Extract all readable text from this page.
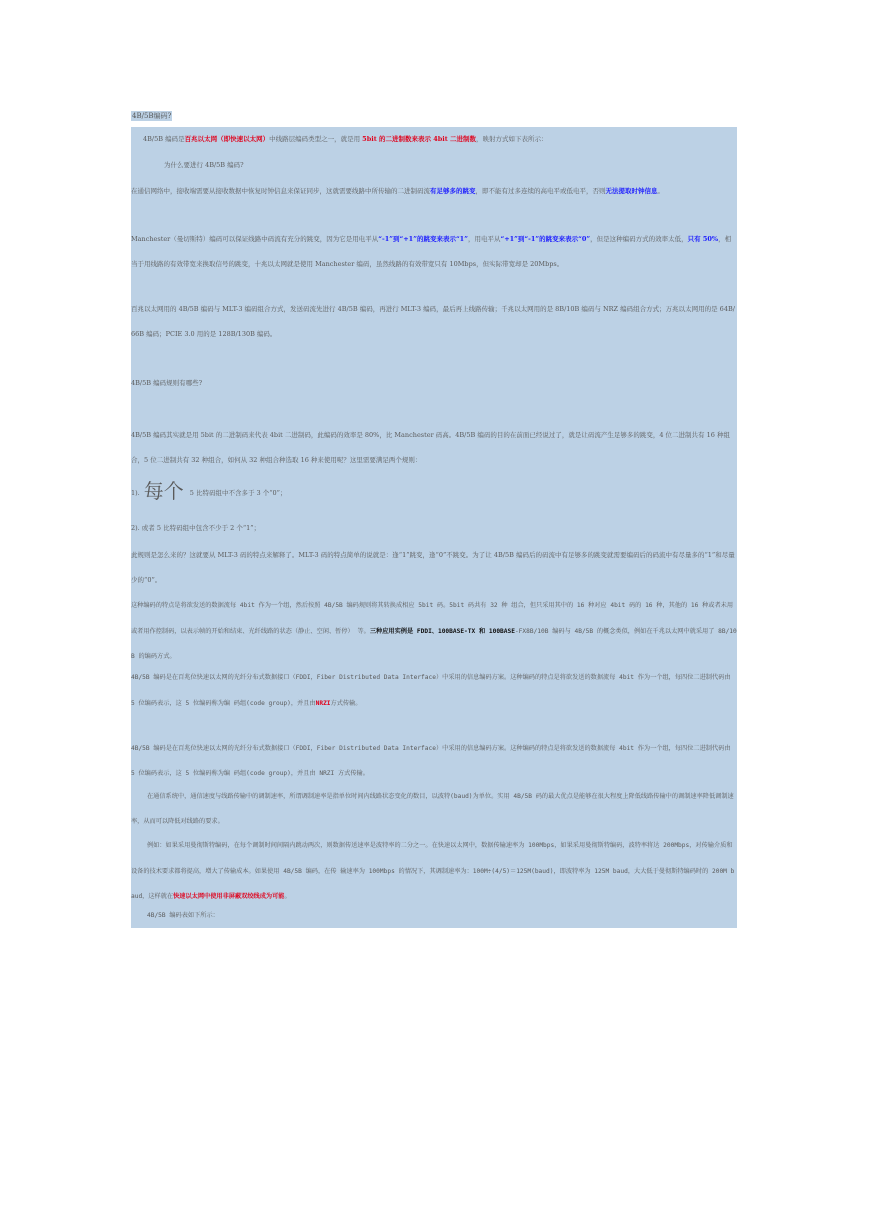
4B/5B编码?
4B/5B 编码是百兆以太网（即快速以太网）中线路层编码类型之一，就是用 5bit 的二进制数来表示 4bit 二进制数，映射方式如下表所示：
为什么要进行 4B/5B 编码?
在通信网络中，接收端需要从接收数据中恢复时钟信息来保证同步，这就需要线路中所传输的二进制码流有足够多的跳变，即不能有过多连续的高电平或低电平，否则无法提取时钟信息。
Manchester（曼切斯特）编码可以保证线路中码流有充分的跳变，因为它是用电平从“-1”到“+1”的跳变来表示“1”，用电平从“+1”到“-1”的跳变来表示“0”，但是这种编码方式的效率太低，只有 50%，相当于用线路的有效带宽来换取信号的跳变，十兆以太网就是使用 Manchester 编码，虽然线路的有效带宽只有 10Mbps，但实际带宽却是 20Mbps。
百兆以太网用的 4B/5B 编码与 MLT-3 编码组合方式，发送码流先进行 4B/5B 编码，再进行 MLT-3 编码，最后再上线路传输；千兆以太网用的是 8B/10B 编码与 NRZ 编码组合方式；万兆以太网用的是 64B/66B 编码；PCIE 3.0 用的是 128B/130B 编码。
4B/5B 编码规则有哪些?
4B/5B 编码其实就是用 5bit 的二进制码来代表 4bit 二进制码，此编码的效率是 80%，比 Manchester 码高。4B/5B 编码的目的在前面已经说过了，就是让码流产生足够多的跳变，4 位二进制共有 16 种组合，5 位二进制共有 32 种组合，如何从 32 种组合种选取 16 种来使用呢？这里需要满足两个规则：
1). 每个 5 比特码组中不含多于 3 个“0”；
2). 或者 5 比特码组中包含不少于 2 个“1”；
此规则是怎么来的？这就要从 MLT-3 码的特点来解释了。MLT-3 码的特点简单的说就是：逢“1”跳变，逢“0”不跳变。为了让 4B/5B 编码后的码流中有足够多的跳变就需要编码后的码流中有尽量多的“1”和尽量少的“0”。
这种编码的特点是将欲发送的数据流每 4bit 作为一个组，然后按照 4B/5B 编码规则将其转换成相应 5bit 码。5bit 码共有 32 种 组合，但只采用其中的 16 种对应 4bit 码的 16 种，其他的 16 种或者未用或者用作控制码，以表示帧的开始和结束、光纤线路的状态（静止、空闲、暂停） 等。三种应用实例是 FDDI、100BASE-TX 和 100BASE-FX8B/10B 编码与 4B/5B 的概念类似，例如在千兆以太网中就采用了 8B/10B 的编码方式。
4B/5B 编码是在百兆位快速以太网的光纤分布式数据接口（FDDI，Fiber Distributed Data Interface）中采用的信息编码方案。这种编码的特点是将欲发送的数据流每 4bit 作为一个组，每四位二进制代码由 5 位编码表示，这 5 位编码称为编 码组(code group)，并且由NRZI方式传输。
4B/5B 编码是在百兆位快速以太网的光纤分布式数据接口（FDDI，Fiber Distributed Data Interface）中采用的信息编码方案。这种编码的特点是将欲发送的数据流每 4bit 作为一个组，每四位二进制代码由 5 位编码表示，这 5 位编码称为编 码组(code group)，并且由 NRZI 方式传输。
在通信系统中，通信速度与线路传输中的调制速率，所谓调制速率是指单位时间内线路状态变化的数目，以波特(baud)为单位。实用 4B/5B 码的最大优点是能够在很大程度上降低线路传输中的调制速率降低调制速率，从而可以降低对线路的要求。
例如：如果采用曼彻斯特编码，在每个调制时间间隔内跳动两次，则数据传送速率是波特率的二分之一。在快速以太网中，数据传输速率为 100Mbps，如果采用曼彻斯特编码，波特率将达 200Mbps，对传输介质和设备的技术要求都将提高，增大了传输成本。如果使用 4B/5B 编码，在传 输速率为 100Mbps 的情况下，其调制速率为：100M÷(4/5)＝125M(baud)，即波特率为 125M baud，大大低于曼彻斯特编码时的 200M baud，这样就在快速以太网中使用非屏蔽双绞线成为可能。
4B/5B 编码表如下所示：
